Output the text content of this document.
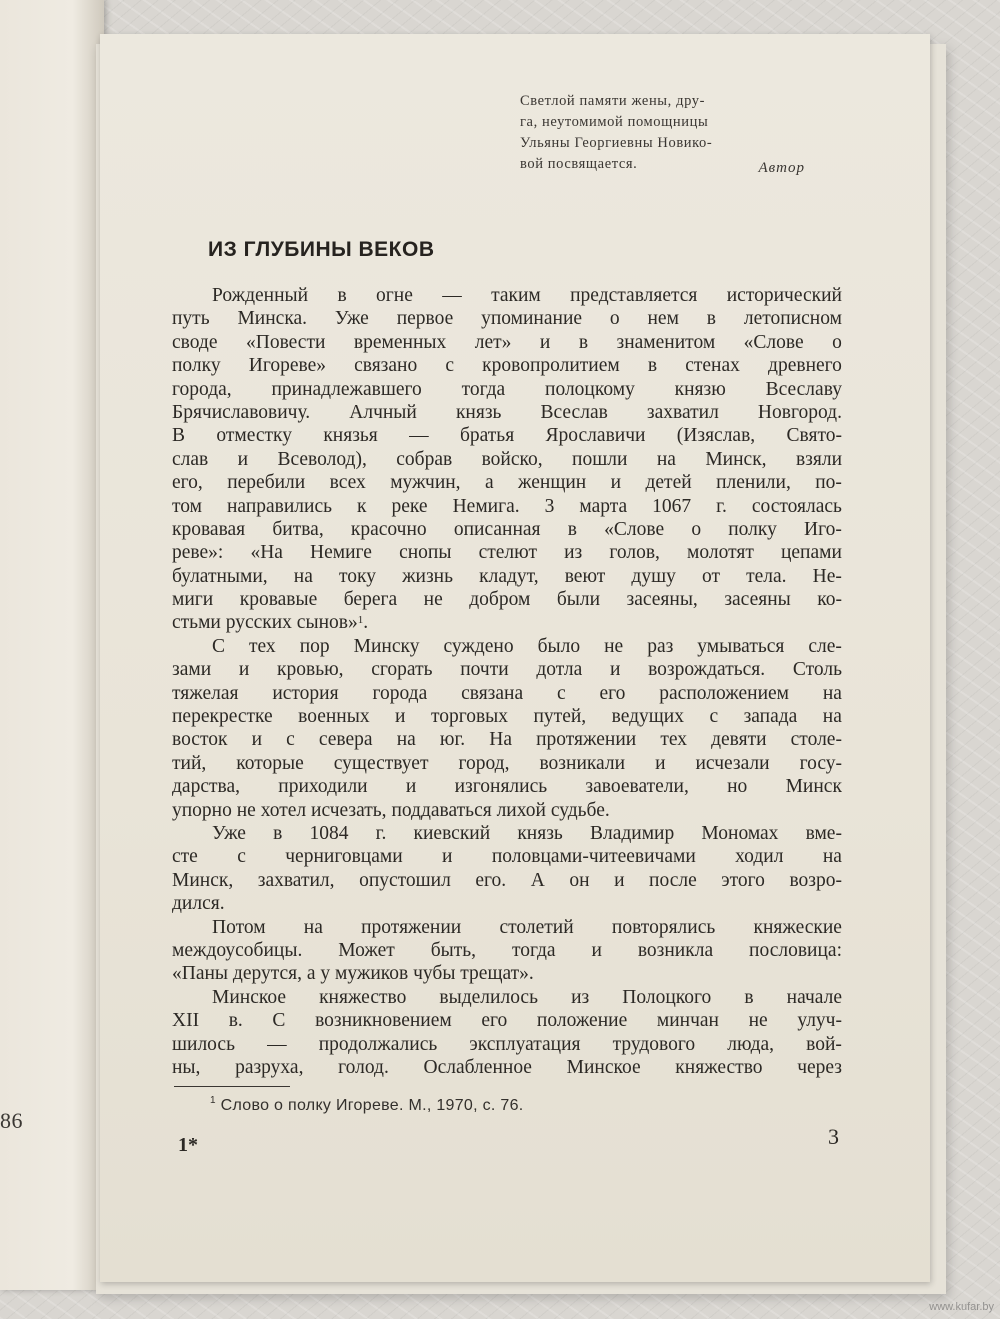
86
Светлой памяти жены, дру-
га, неутомимой помощницы
Ульяны Георгиевны Новико-
вой посвящается.	Автор
ИЗ ГЛУБИНЫ ВЕКОВ
Рожденный в огне — таким представляется исторический
путь Минска. Уже первое упоминание о нем в летописном
своде «Повести временных лет» и в знаменитом «Слове о
полку Игореве» связано с кровопролитием в стенах древнего
города, принадлежавшего тогда полоцкому князю Всеславу
Брячиславовичу. Алчный князь Всеслав захватил Новгород.
В отместку князья — братья Ярославичи (Изяслав, Свято-
слав и Всеволод), собрав войско, пошли на Минск, взяли
его, перебили всех мужчин, а женщин и детей пленили, по-
том направились к реке Немига. 3 марта 1067 г. состоялась
кровавая битва, красочно описанная в «Слове о полку Иго-
реве»: «На Немиге снопы стелют из голов, молотят цепами
булатными, на току жизнь кладут, веют душу от тела. Не-
миги кровавые берега не добром были засеяны, засеяны ко-
стьми русских сынов»$^1$ .
С тех пор Минску суждено было не раз умываться сле-
зами и кровью, сгорать почти дотла и возрождаться. Столь
тяжелая история города связана с его расположением на
перекрестке военных и торговых путей, ведущих с запада на
восток и с севера на юг. На протяжении тех девяти столе-
тий, которые существует город, возникали и исчезали госу-
дарства, приходили и изгонялись завоеватели, но Минск
упорно не хотел исчезать, поддаваться лихой судьбе.
Уже в 1084 г. киевский князь Владимир Мономах вме-
сте с черниговцами и половцами-читеевичами ходил на
Минск, захватил, опустошил его. А он и после этого возро-
дился.
Потом на протяжении столетий повторялись княжеские
междоусобицы. Может быть, тогда и возникла пословица:
«Паны дерутся, а у мужиков чубы трещат».
Минское княжество выделилось из Полоцкого в начале
XII в. С возникновением его положение минчан не улуч-
шилось — продолжались эксплуатация трудового люда, вой-
ны, разруха, голод. Ослабленное Минское княжество через
$^1$ Слово о полку Игореве. М., 1970, с. 76.
1*	3
www.kufar.by
